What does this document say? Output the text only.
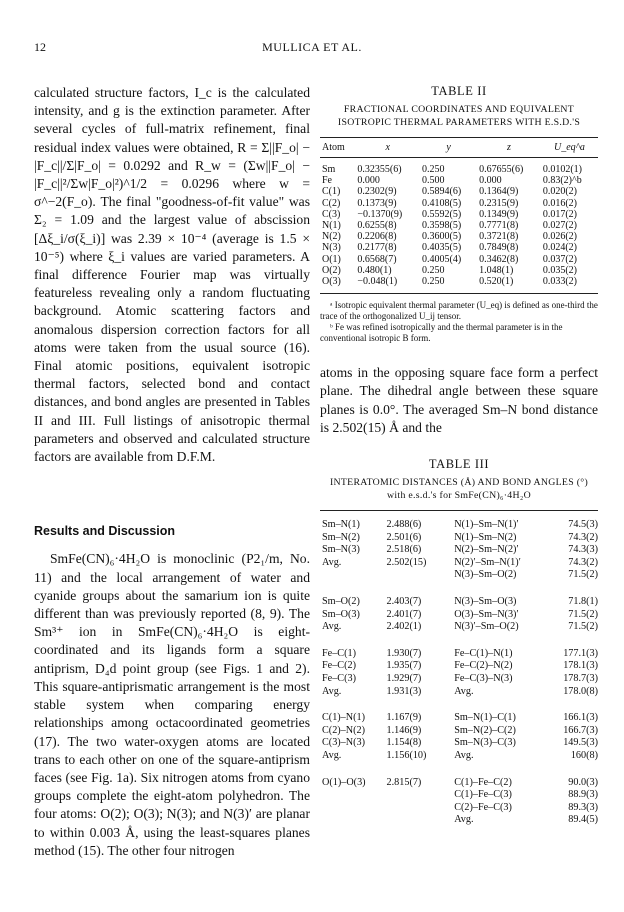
12	MULLICA ET AL.

calculated structure factors, I_c is the calculated intensity, and g is the extinction parameter. After several cycles of full-matrix refinement, final residual index values were obtained, R = Σ||F_o| − |F_c||/Σ|F_o| = 0.0292 and R_w = (Σw||F_o| − |F_c||²/Σw|F_o|²)^1/2 = 0.0296 where w = σ^−2(F_o). The final "goodness-of-fit value" was Σ₂ = 1.09 and the largest value of abscission [Δξ_i/σ(ξ_i)] was 2.39 × 10⁻⁴ (average is 1.5 × 10⁻⁵) where ξ_i values are varied parameters. A final difference Fourier map was virtually featureless revealing only a random fluctuating background. Atomic scattering factors and anomalous dispersion correction factors for all atoms were taken from the usual source (16). Final atomic positions, equivalent isotropic thermal factors, selected bond and contact distances, and bond angles are presented in Tables II and III. Full listings of anisotropic thermal parameters and observed and calculated structure factors are available from D.F.M.

Results and Discussion

SmFe(CN)₆·4H₂O is monoclinic (P2₁/m, No. 11) and the local arrangement of water and cyanide groups about the samarium ion is quite different than was previously reported (8, 9). The Sm³⁺ ion in SmFe(CN)₆·4H₂O is eight-coordinated and its ligands form a square antiprism, D₄d point group (see Figs. 1 and 2). This square-antiprismatic arrangement is the most stable system when comparing energy relationships among octacoordinated geometries (17). The two water-oxygen atoms are located trans to each other on one of the square-antiprism faces (see Fig. 1a). Six nitrogen atoms from cyano groups complete the eight-atom polyhedron. The four atoms: O(2); O(3); N(3); and N(3)′ are planar to within 0.003 Å, using the least-squares planes method (15). The other four nitrogen

TABLE II
FRACTIONAL COORDINATES AND EQUIVALENT ISOTROPIC THERMAL PARAMETERS WITH E.S.D.'S
Atom	x	y	z	U_eq^a
Sm	0.32355(6)	0.250	0.67655(6)	0.0102(1)
Fe	0.000	0.500	0.000	0.83(2)^b
C(1)	0.2302(9)	0.5894(6)	0.1364(9)	0.020(2)
C(2)	0.1373(9)	0.4108(5)	0.2315(9)	0.016(2)
C(3)	−0.1370(9)	0.5592(5)	0.1349(9)	0.017(2)
N(1)	0.6255(8)	0.3598(5)	0.7771(8)	0.027(2)
N(2)	0.2206(8)	0.3600(5)	0.3721(8)	0.026(2)
N(3)	0.2177(8)	0.4035(5)	0.7849(8)	0.024(2)
O(1)	0.6568(7)	0.4005(4)	0.3462(8)	0.037(2)
O(2)	0.480(1)	0.250	1.048(1)	0.035(2)
O(3)	−0.048(1)	0.250	0.520(1)	0.033(2)

ᵃ Isotropic equivalent thermal parameter (U_eq) is defined as one-third the trace of the orthogonalized U_ij tensor.

ᵇ Fe was refined isotropically and the thermal parameter is in the conventional isotropic B form.

atoms in the opposing square face form a perfect plane. The dihedral angle between these square planes is 0.0°. The averaged Sm–N bond distance is 2.502(15) Å and the

TABLE III
INTERATOMIC DISTANCES (Å) AND BOND ANGLES (°)
with e.s.d.'s for SmFe(CN)₆·4H₂O
Sm–N(1)	2.488(6)	N(1)–Sm–N(1)′	74.5(3)
Sm–N(2)	2.501(6)	N(1)–Sm–N(2)	74.3(2)
Sm–N(3)	2.518(6)	N(2)–Sm–N(2)′	74.3(3)
Avg.	2.502(15)	N(2)′–Sm–N(1)′	74.3(2)
		N(3)–Sm–O(2)	71.5(2)
Sm–O(2)	2.403(7)	N(3)–Sm–O(3)	71.8(1)
Sm–O(3)	2.401(7)	O(3)–Sm–N(3)′	71.5(2)
Avg.	2.402(1)	N(3)′–Sm–O(2)	71.5(2)
Fe–C(1)	1.930(7)	Fe–C(1)–N(1)	177.1(3)
Fe–C(2)	1.935(7)	Fe–C(2)–N(2)	178.1(3)
Fe–C(3)	1.929(7)	Fe–C(3)–N(3)	178.7(3)
Avg.	1.931(3)	Avg.	178.0(8)
C(1)–N(1)	1.167(9)	Sm–N(1)–C(1)	166.1(3)
C(2)–N(2)	1.146(9)	Sm–N(2)–C(2)	166.7(3)
C(3)–N(3)	1.154(8)	Sm–N(3)–C(3)	149.5(3)
Avg.	1.156(10)	Avg.	160(8)
O(1)–O(3)	2.815(7)	C(1)–Fe–C(2)	90.0(3)
		C(1)–Fe–C(3)	88.9(3)
		C(2)–Fe–C(3)	89.3(3)
		Avg.	89.4(5)
